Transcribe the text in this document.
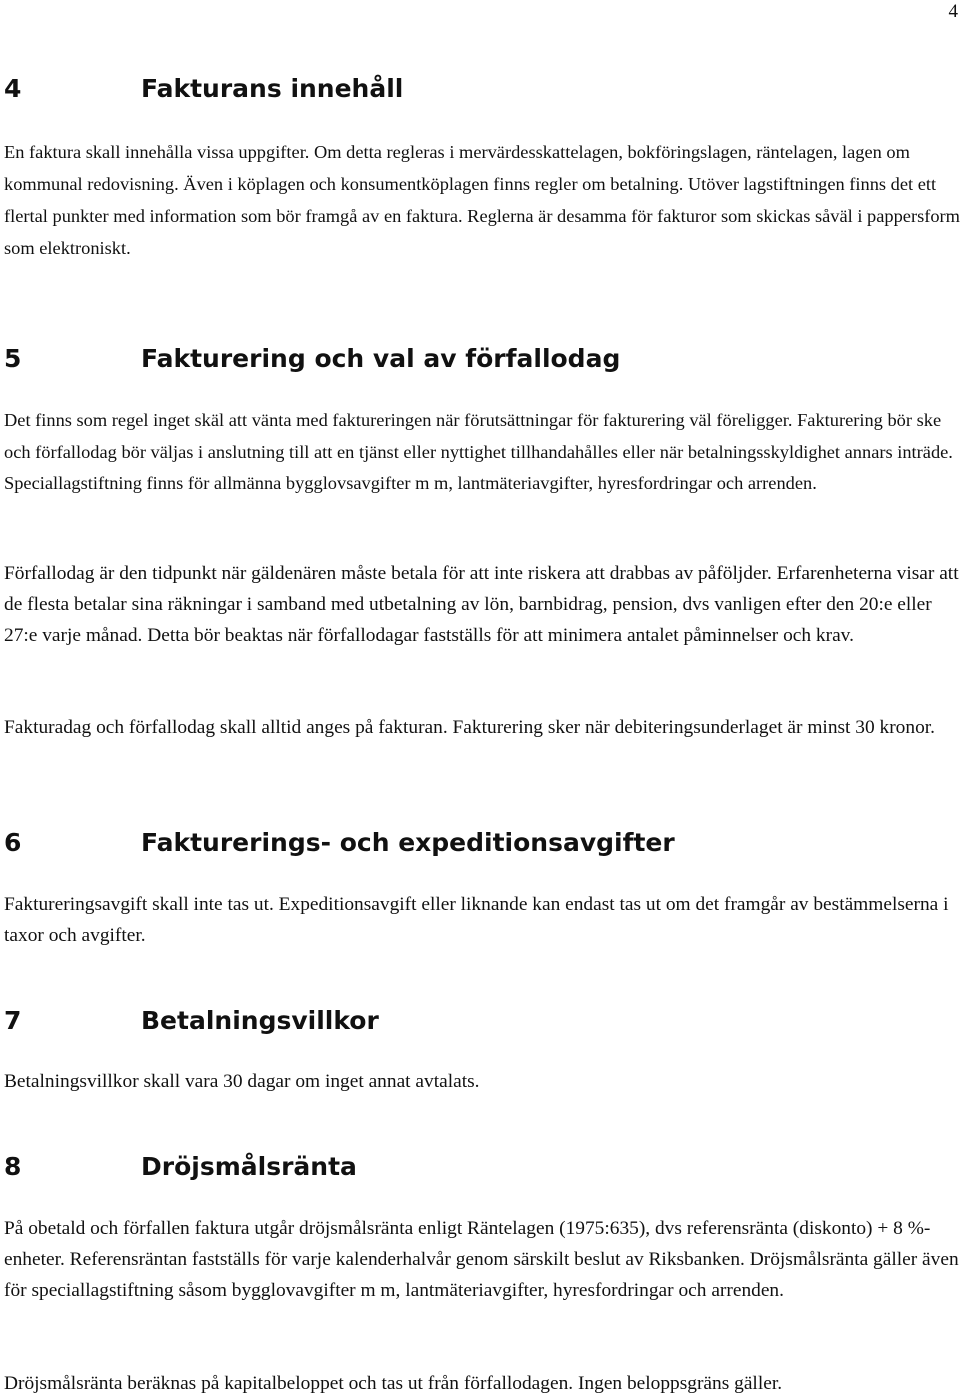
4
4	Fakturans innehåll

En faktura skall innehålla vissa uppgifter. Om detta regleras i mervärdesskattelagen, bokföringslagen, räntelagen, lagen om kommunal redovisning. Även i köplagen och konsumentköplagen finns regler om betalning. Utöver lagstiftningen finns det ett flertal punkter med information som bör framgå av en faktura. Reglerna är desamma för fakturor som skickas såväl i pappersform som elektroniskt.

5	Fakturering och val av förfallodag

Det finns som regel inget skäl att vänta med faktureringen när förutsättningar för fakturering väl föreligger. Fakturering bör ske och förfallodag bör väljas i anslutning till att en tjänst eller nyttighet tillhandahålles eller när betalningsskyldighet annars inträde. Speciallagstiftning finns för allmänna bygglovsavgifter m m, lantmäteriavgifter, hyresfordringar och arrenden.

Förfallodag är den tidpunkt när gäldenären måste betala för att inte riskera att drabbas av påföljder. Erfarenheterna visar att de flesta betalar sina räkningar i samband med utbetalning av lön, barnbidrag, pension, dvs vanligen efter den 20:e eller 27:e varje månad. Detta bör beaktas när förfallodagar fastställs för att minimera antalet påminnelser och krav.

Fakturadag och förfallodag skall alltid anges på fakturan. Fakturering sker när debiteringsunderlaget är minst 30 kronor.

6	Fakturerings- och expeditionsavgifter

Faktureringsavgift skall inte tas ut. Expeditionsavgift eller liknande kan endast tas ut om det framgår av bestämmelserna i taxor och avgifter.

7	Betalningsvillkor

Betalningsvillkor skall vara 30 dagar om inget annat avtalats.

8	Dröjsmålsränta

På obetald och förfallen faktura utgår dröjsmålsränta enligt Räntelagen (1975:635), dvs referensränta (diskonto) + 8 %-enheter. Referensräntan fastställs för varje kalenderhalvår genom särskilt beslut av Riksbanken. Dröjsmålsränta gäller även för speciallagstiftning såsom bygglovavgifter m m, lantmäteriavgifter, hyresfordringar och arrenden.

Dröjsmålsränta beräknas på kapitalbeloppet och tas ut från förfallodagen. Ingen beloppsgräns gäller.
